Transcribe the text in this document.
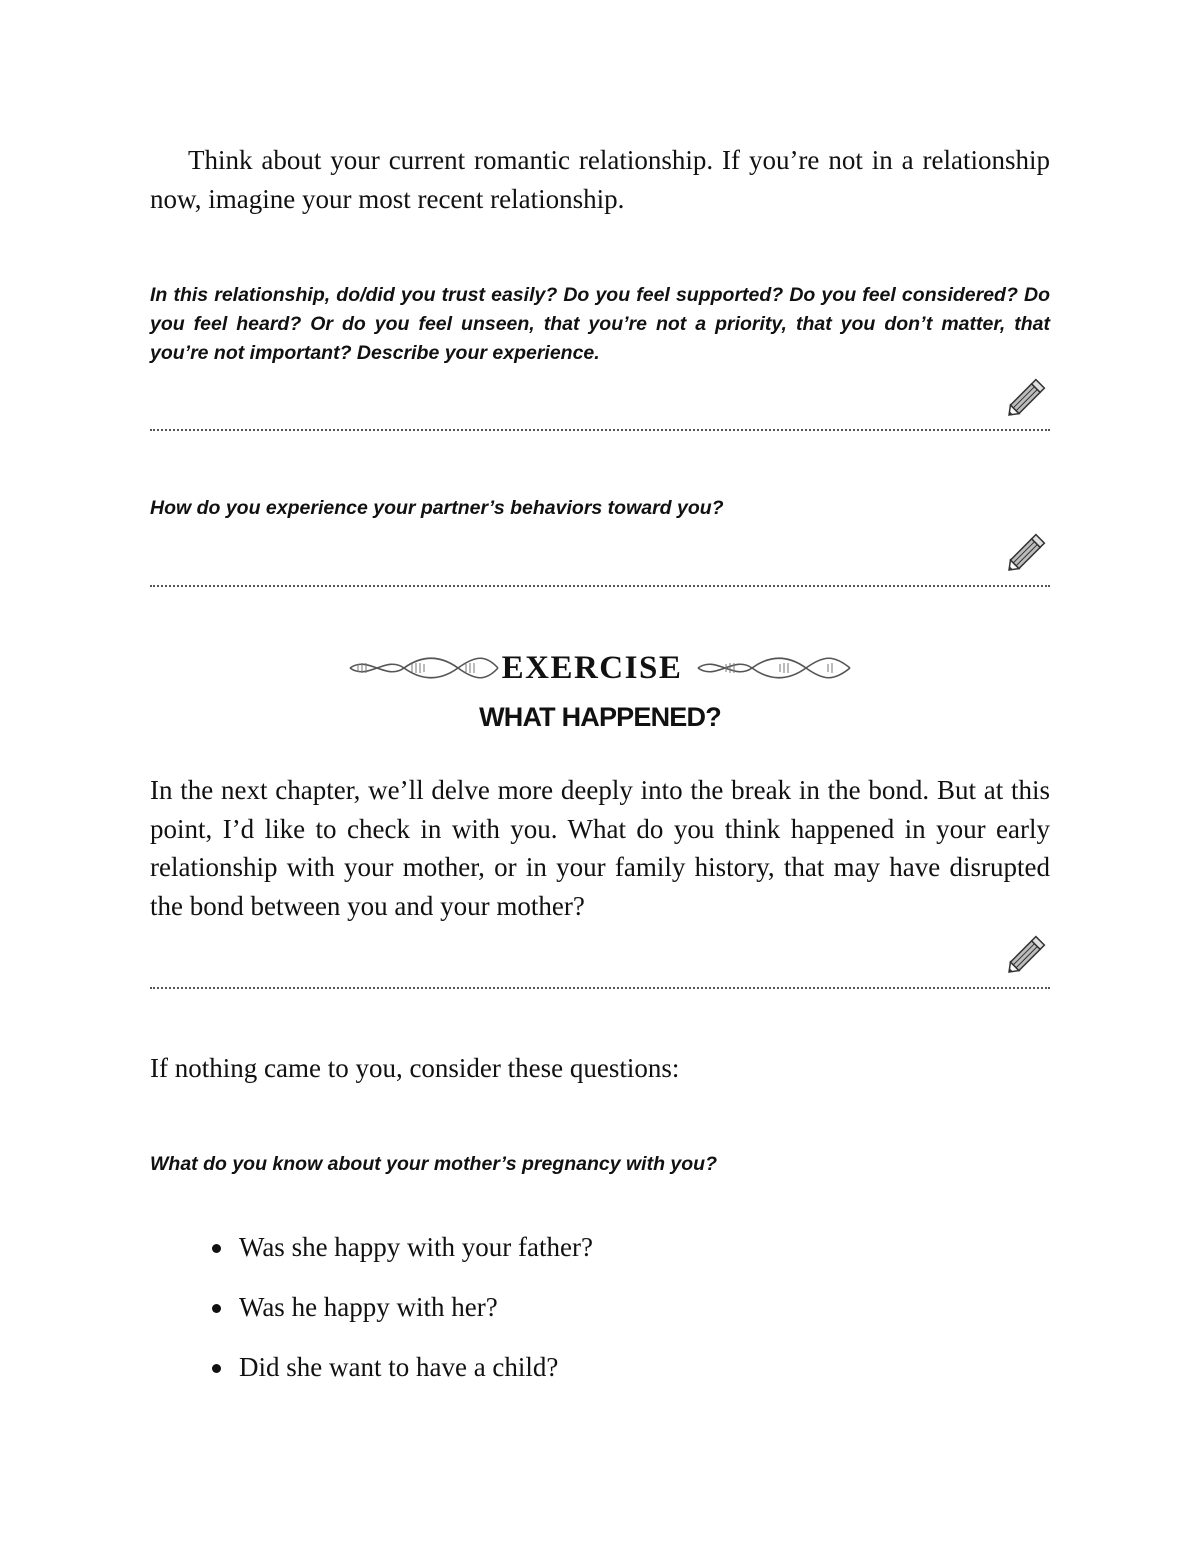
Think about your current romantic relationship. If you’re not in a relationship now, imagine your most recent relationship.

In this relationship, do/did you trust easily? Do you feel supported? Do you feel considered? Do you feel heard? Or do you feel unseen, that you’re not a priority, that you don’t matter, that you’re not important? Describe your experience.

How do you experience your partner’s behaviors toward you?

EXERCISE
WHAT HAPPENED?

In the next chapter, we’ll delve more deeply into the break in the bond. But at this point, I’d like to check in with you. What do you think happened in your early relationship with your mother, or in your family history, that may have disrupted the bond between you and your mother?

If nothing came to you, consider these questions:

What do you know about your mother’s pregnancy with you?

Was she happy with your father?
Was he happy with her?
Did she want to have a child?
